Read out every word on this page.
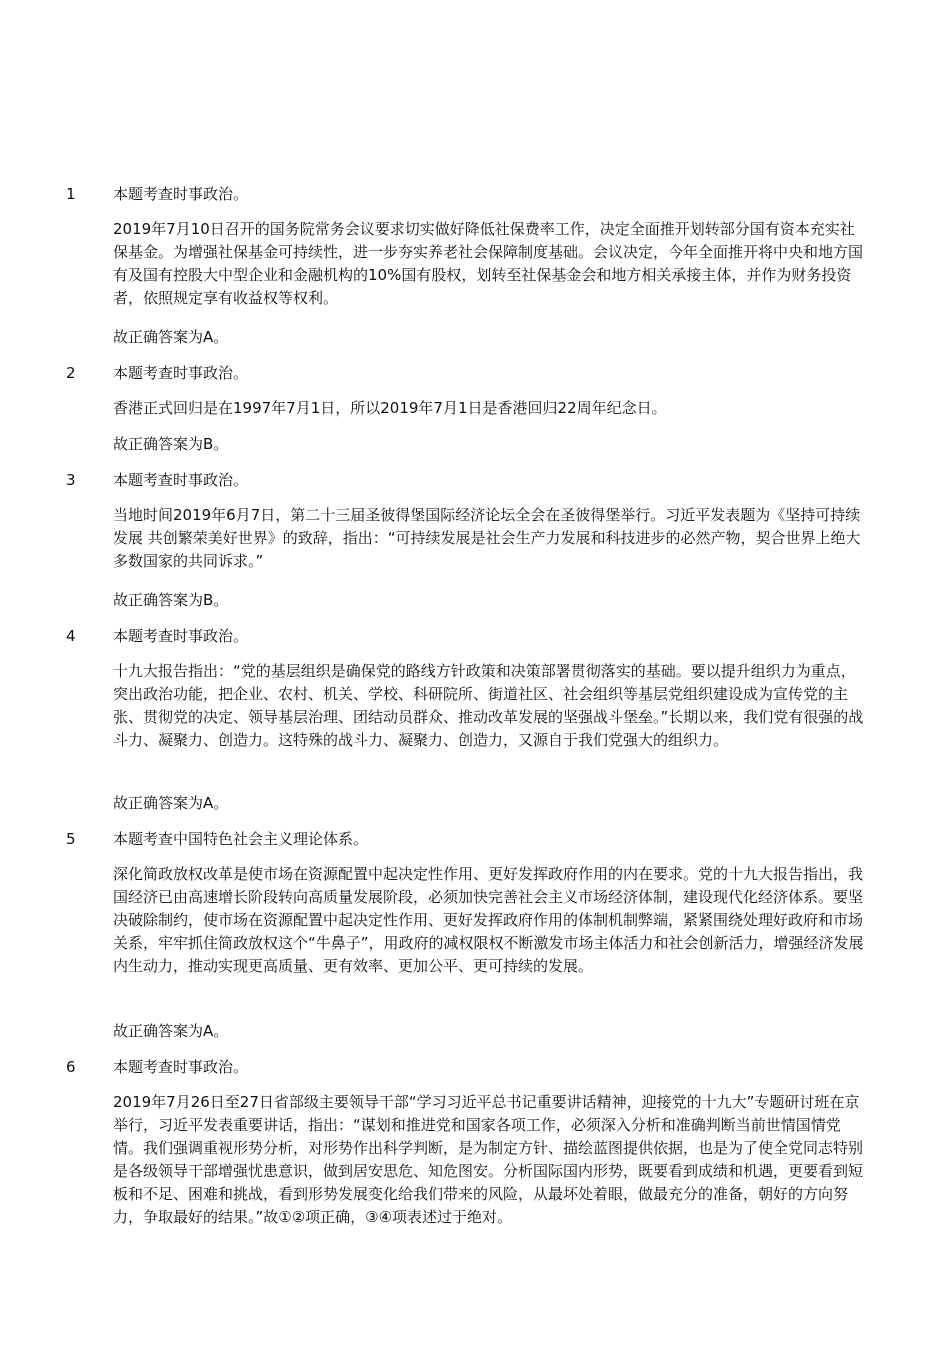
1 本题考查时事政治。
2019年7月10日召开的国务院常务会议要求切实做好降低社保费率工作，决定全面推开划转部分国有资本充实社保基金。为增强社保基金可持续性，进一步夯实养老社会保障制度基础。会议决定，今年全面推开将中央和地方国有及国有控股大中型企业和金融机构的10%国有股权，划转至社保基金会和地方相关承接主体，并作为财务投资者，依照规定享有收益权等权利。
故正确答案为A。
2 本题考查时事政治。
香港正式回归是在1997年7月1日，所以2019年7月1日是香港回归22周年纪念日。
故正确答案为B。
3 本题考查时事政治。
当地时间2019年6月7日，第二十三届圣彼得堡国际经济论坛全会在圣彼得堡举行。习近平发表题为《坚持可持续发展 共创繁荣美好世界》的致辞，指出：“可持续发展是社会生产力发展和科技进步的必然产物，契合世界上绝大多数国家的共同诉求。”
故正确答案为B。
4 本题考查时事政治。
十九大报告指出：“党的基层组织是确保党的路线方针政策和决策部署贯彻落实的基础。要以提升组织力为重点，突出政治功能，把企业、农村、机关、学校、科研院所、街道社区、社会组织等基层党组织建设成为宣传党的主张、贯彻党的决定、领导基层治理、团结动员群众、推动改革发展的坚强战斗堡垒。”长期以来，我们党有很强的战斗力、凝聚力、创造力。这特殊的战斗力、凝聚力、创造力，又源自于我们党强大的组织力。
故正确答案为A。
5 本题考查中国特色社会主义理论体系。
深化简政放权改革是使市场在资源配置中起决定性作用、更好发挥政府作用的内在要求。党的十九大报告指出，我国经济已由高速增长阶段转向高质量发展阶段，必须加快完善社会主义市场经济体制，建设现代化经济体系。要坚决破除制约，使市场在资源配置中起决定性作用、更好发挥政府作用的体制机制弊端，紧紧围绕处理好政府和市场关系，牢牢抓住简政放权这个“牛鼻子”，用政府的减权限权不断激发市场主体活力和社会创新活力，增强经济发展内生动力，推动实现更高质量、更有效率、更加公平、更可持续的发展。
故正确答案为A。
6 本题考查时事政治。
2019年7月26日至27日省部级主要领导干部“学习习近平总书记重要讲话精神，迎接党的十九大”专题研讨班在京举行，习近平发表重要讲话，指出：“谋划和推进党和国家各项工作，必须深入分析和准确判断当前世情国情党情。我们强调重视形势分析，对形势作出科学判断，是为制定方针、描绘蓝图提供依据，也是为了使全党同志特别是各级领导干部增强忧患意识，做到居安思危、知危图安。分析国际国内形势，既要看到成绩和机遇，更要看到短板和不足、困难和挑战，看到形势发展变化给我们带来的风险，从最坏处着眼，做最充分的准备，朝好的方向努力，争取最好的结果。”故①②项正确，③④项表述过于绝对。
